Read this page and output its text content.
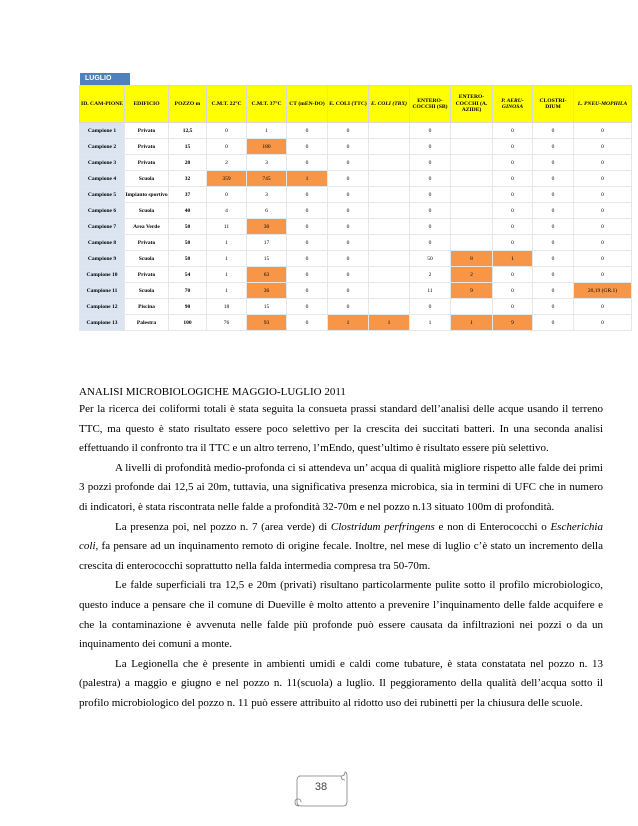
LUGLIO
ID. CAM-PIONE	EDIFICIO	POZZO m	C.M.T. 22°C	C.M.T. 37°C	CT (mEN-DO)	E. COLI (TTC)	E. COLI (TBX)	ENTERO-COCCHI (SB)	ENTERO-COCCHI (A. AZIDE)	P. AERU-GINOSA	CLOSTRI-DIUM	L. PNEU-MOPHILA
Campione 1	Privato	12,5	0	1	0	0		0		0	0	0
Campione 2	Privato	15	0	180	0	0		0		0	0	0
Campione 3	Privato	20	2	3	0	0		0		0	0	0
Campione 4	Scuola	32	359	745	1	0		0		0	0	0
Campione 5	Impianto sportivo	37	0	3	0	0		0		0	0	0
Campione 6	Scuola	40	4	6	0	0		0		0	0	0
Campione 7	Area Verde	50	11	30	0	0		0		0	0	0
Campione 8	Privato	50	1	17	0	0		0		0	0	0
Campione 9	Scuola	50	1	15	0	0		50	8	1	0	0
Campione 10	Privato	54	1	63	0	0		2	2	0	0	0
Campione 11	Scuola	70	1	36	0	0		11	9	0	0	20,19 (GR.1)
Campione 12	Piscina	90	18	15	0	0		0		0	0	0
Campione 13	Palestra	100	76	93	0	1	1	1	1	9	0	0
ANALISI MICROBIOLOGICHE MAGGIO-LUGLIO 2011

Per la ricerca dei coliformi totali è stata seguita la consueta prassi standard dell’analisi delle acque usando il terreno TTC, ma questo è stato risultato essere poco selettivo per la crescita dei succitati batteri. In una seconda analisi effettuando il confronto tra il TTC e un altro terreno, l’mEndo, quest’ultimo è risultato essere più selettivo.

A livelli di profondità medio-profonda ci si attendeva un’ acqua di qualità migliore rispetto alle falde dei primi 3 pozzi profonde dai 12,5 ai 20m, tuttavia, una significativa presenza microbica, sia in termini di UFC che in numero di indicatori, è stata riscontrata nelle falde a profondità 32-70m e nel pozzo n.13 situato 100m di profondità.

La presenza poi, nel pozzo n. 7 (area verde) di Clostridum perfringens e non di Enterococchi o Escherichia coli, fa pensare ad un inquinamento remoto di origine fecale. Inoltre, nel mese di luglio c’è stato un incremento della crescita di enterococchi soprattutto nella falda intermedia compresa tra 50-70m.

Le falde superficiali tra 12,5 e 20m (privati) risultano particolarmente pulite sotto il profilo microbiologico, questo induce a pensare che il comune di Dueville è molto attento a prevenire l’inquinamento delle falde acquifere e che la contaminazione è avvenuta nelle falde più profonde può essere causata da infiltrazioni nei pozzi o da un inquinamento dei comuni a monte.

La Legionella che è presente in ambienti umidi e caldi come tubature, è stata constatata nel pozzo n. 13 (palestra) a maggio e giugno e nel pozzo n. 11(scuola) a luglio. Il peggioramento della qualità dell’acqua sotto il profilo microbiologico del pozzo n. 11 può essere attribuito al ridotto uso dei rubinetti per la chiusura delle scuole.

38
